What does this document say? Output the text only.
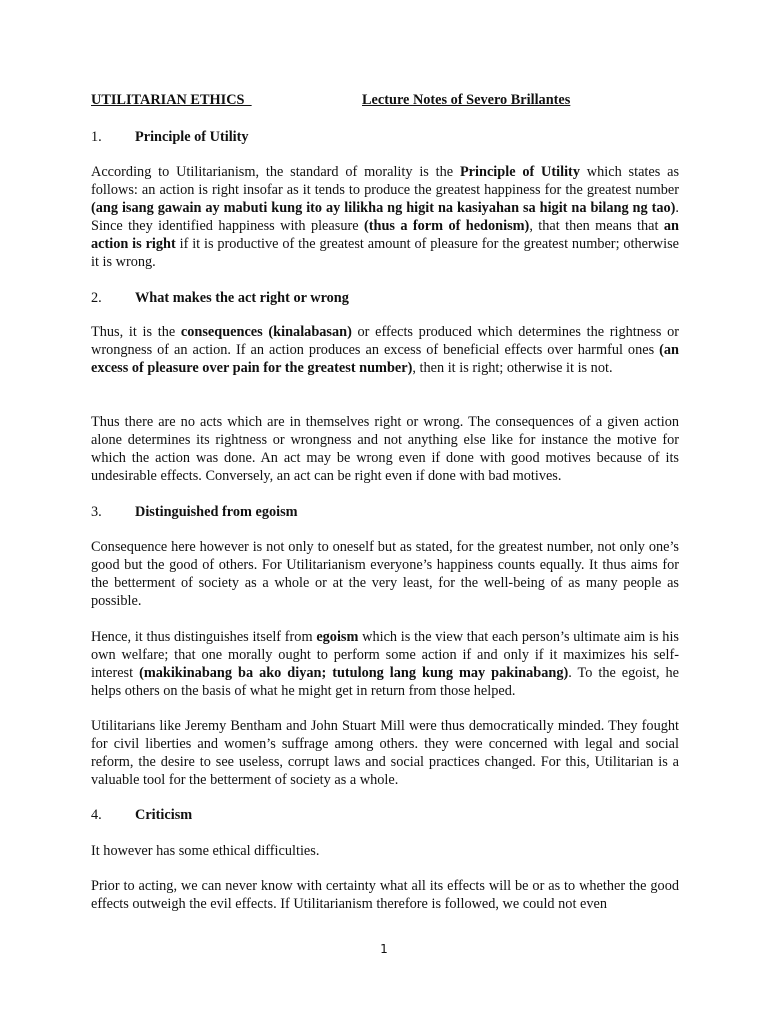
UTILITARIAN ETHICS	Lecture Notes of Severo Brillantes
1. Principle of Utility

According to Utilitarianism, the standard of morality is the Principle of Utility which states as follows: an action is right insofar as it tends to produce the greatest happiness for the greatest number (ang isang gawain ay mabuti kung ito ay lilikha ng higit na kasiyahan sa higit na bilang ng tao). Since they identified happiness with pleasure (thus a form of hedonism), that then means that an action is right if it is productive of the greatest amount of pleasure for the greatest number; otherwise it is wrong.

2. What makes the act right or wrong

Thus, it is the consequences (kinalabasan) or effects produced which determines the rightness or wrongness of an action. If an action produces an excess of beneficial effects over harmful ones (an excess of pleasure over pain for the greatest number), then it is right; otherwise it is not.

Thus there are no acts which are in themselves right or wrong. The consequences of a given action alone determines its rightness or wrongness and not anything else like for instance the motive for which the action was done. An act may be wrong even if done with good motives because of its undesirable effects. Conversely, an act can be right even if done with bad motives.

3. Distinguished from egoism

Consequence here however is not only to oneself but as stated, for the greatest number, not only one’s good but the good of others. For Utilitarianism everyone’s happiness counts equally. It thus aims for the betterment of society as a whole or at the very least, for the well-being of as many people as possible.

Hence, it thus distinguishes itself from egoism which is the view that each person’s ultimate aim is his own welfare; that one morally ought to perform some action if and only if it maximizes his self-interest (makikinabang ba ako diyan; tutulong lang kung may pakinabang). To the egoist, he helps others on the basis of what he might get in return from those helped.

Utilitarians like Jeremy Bentham and John Stuart Mill were thus democratically minded. They fought for civil liberties and women’s suffrage among others. they were concerned with legal and social reform, the desire to see useless, corrupt laws and social practices changed. For this, Utilitarian is a valuable tool for the betterment of society as a whole.

4. Criticism

It however has some ethical difficulties.

Prior to acting, we can never know with certainty what all its effects will be or as to whether the good effects outweigh the evil effects. If Utilitarianism therefore is followed, we could not even

1
